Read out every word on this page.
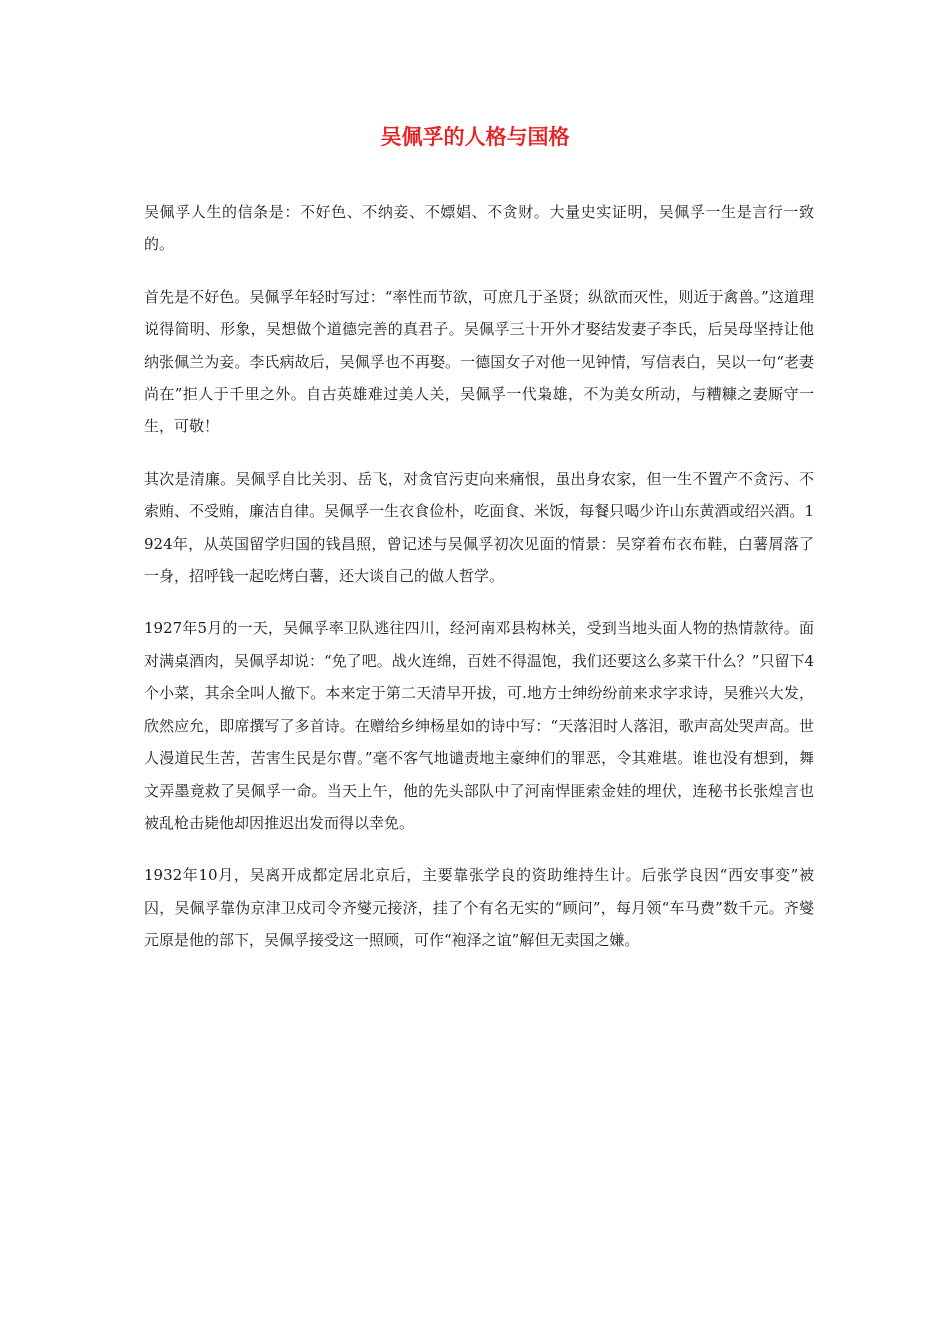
吴佩孚的人格与国格

吴佩孚人生的信条是：不好色、不纳妾、不嫖娼、不贪财。大量史实证明，吴佩孚一生是言行一致的。

首先是不好色。吴佩孚年轻时写过：“率性而节欲，可庶几于圣贤；纵欲而灭性，则近于禽兽。”这道理说得简明、形象，吴想做个道德完善的真君子。吴佩孚三十开外才娶结发妻子李氏，后吴母坚持让他纳张佩兰为妾。李氏病故后，吴佩孚也不再娶。一德国女子对他一见钟情，写信表白，吴以一句“老妻尚在”拒人于千里之外。自古英雄难过美人关，吴佩孚一代枭雄，不为美女所动，与糟糠之妻厮守一生，可敬！

其次是清廉。吴佩孚自比关羽、岳飞，对贪官污吏向来痛恨，虽出身农家，但一生不置产不贪污、不索贿、不受贿，廉洁自律。吴佩孚一生衣食俭朴，吃面食、米饭，每餐只喝少许山东黄酒或绍兴酒。1924年，从英国留学归国的钱昌照，曾记述与吴佩孚初次见面的情景：吴穿着布衣布鞋，白薯屑落了一身，招呼钱一起吃烤白薯，还大谈自己的做人哲学。

1927年5月的一天，吴佩孚率卫队逃往四川，经河南邓县构林关，受到当地头面人物的热情款待。面对满桌酒肉，吴佩孚却说：“免了吧。战火连绵，百姓不得温饱，我们还要这么多菜干什么？”只留下4个小菜，其余全叫人撤下。本来定于第二天清早开拔，可.地方士绅纷纷前来求字求诗，吴雅兴大发，欣然应允，即席撰写了多首诗。在赠给乡绅杨星如的诗中写：“天落泪时人落泪，歌声高处哭声高。世人漫道民生苦，苦害生民是尔曹。”毫不客气地谴责地主豪绅们的罪恶，令其难堪。谁也没有想到，舞文弄墨竟救了吴佩孚一命。当天上午，他的先头部队中了河南悍匪索金娃的埋伏，连秘书长张煌言也被乱枪击毙他却因推迟出发而得以幸免。

1932年10月，吴离开成都定居北京后，主要靠张学良的资助维持生计。后张学良因“西安事变”被囚，吴佩孚靠伪京津卫戍司令齐燮元接济，挂了个有名无实的“顾问”，每月领“车马费”数千元。齐燮元原是他的部下，吴佩孚接受这一照顾，可作“袍泽之谊”解但无卖国之嫌。
